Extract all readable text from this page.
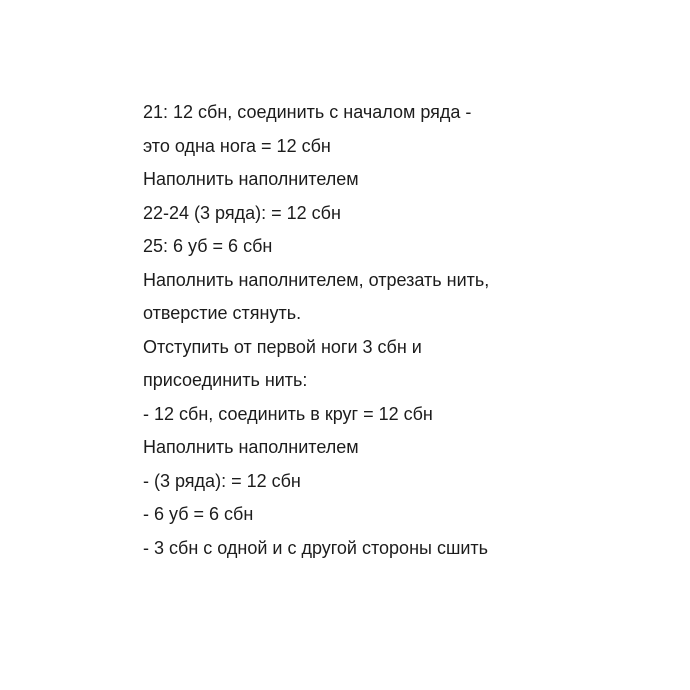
21: 12 сбн, соединить с началом ряда -
это одна нога = 12 сбн
Наполнить наполнителем
22-24 (3 ряда): = 12 сбн
25: 6 уб = 6 сбн
Наполнить наполнителем, отрезать нить,
отверстие стянуть.
Отступить от первой ноги 3 сбн и
присоединить нить:
- 12 сбн, соединить в круг = 12 сбн
Наполнить наполнителем
- (3 ряда): = 12 сбн
- 6 уб = 6 сбн
- 3 сбн с одной и с другой стороны сшить
